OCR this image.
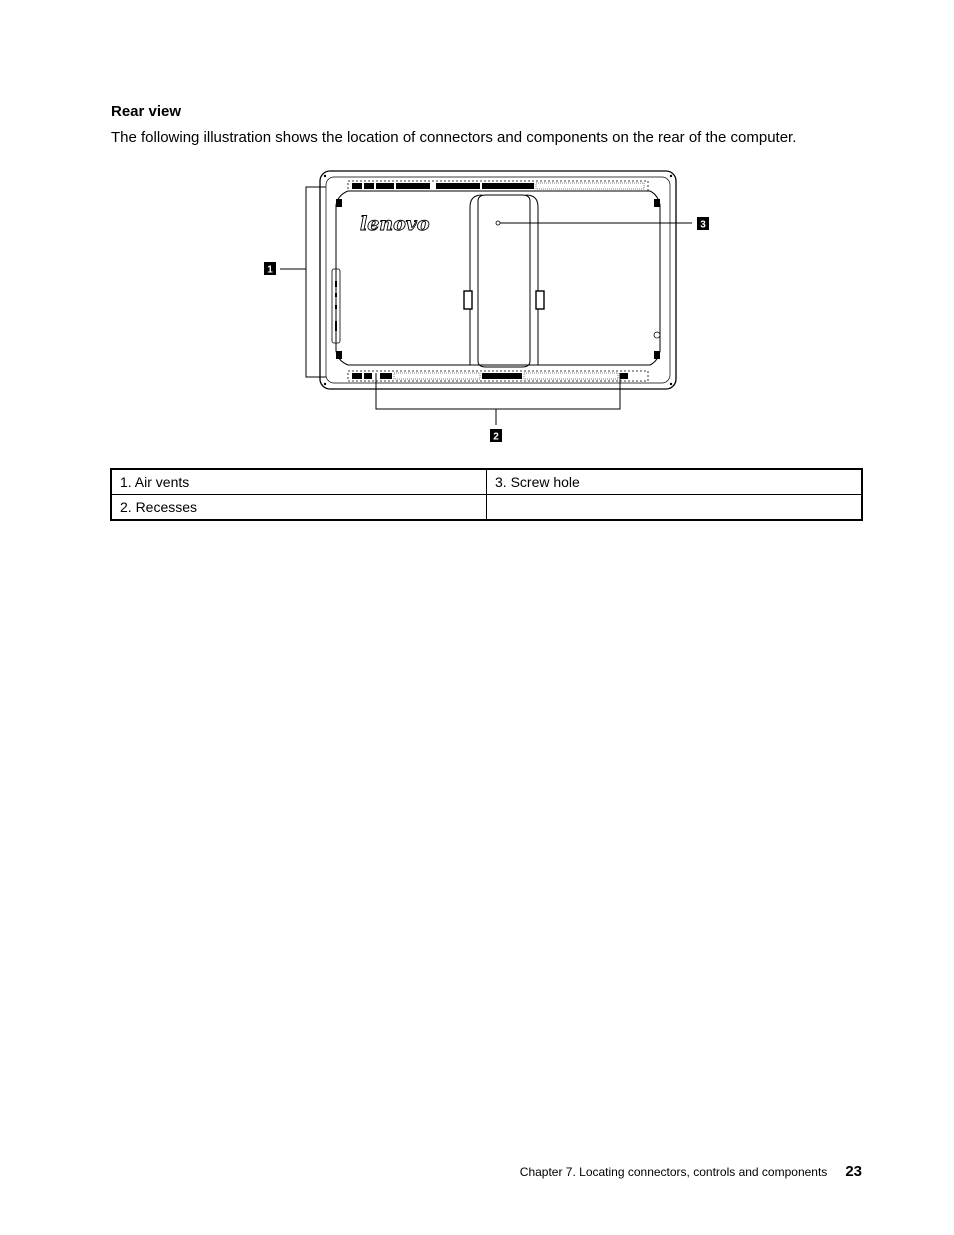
Rear view

The following illustration shows the location of connectors and components on the rear of the computer.

lenovo
1
2
3
1. Air vents	3. Screw hole
2. Recesses	
Chapter 7. Locating connectors, controls and components 23
